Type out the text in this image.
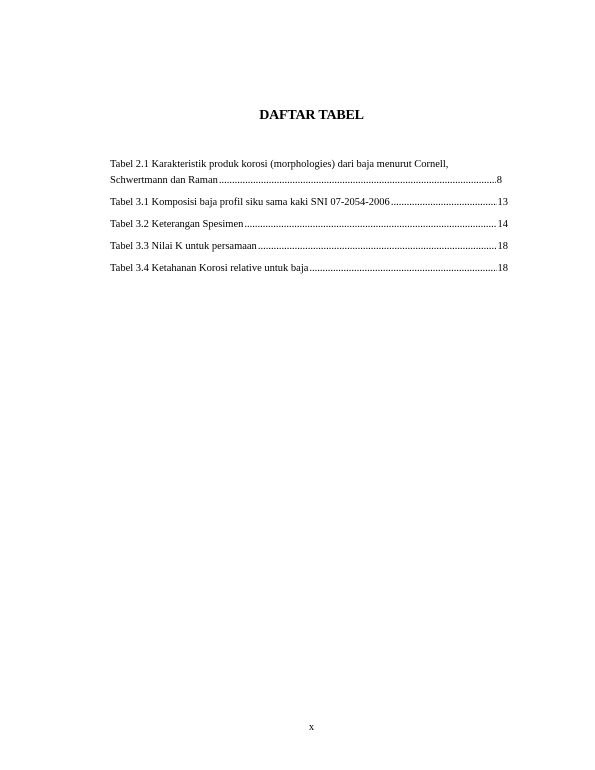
DAFTAR TABEL
Tabel 2.1 Karakteristik produk korosi (morphologies) dari baja menurut Cornell,
Schwertmann dan Raman .....	8
Tabel 3.1 Komposisi baja profil siku sama kaki SNI 07-2054-2006 .....	13
Tabel 3.2 Keterangan Spesimen .....	14
Tabel 3.3 Nilai K untuk persamaan .....	18
Tabel 3.4 Ketahanan Korosi relative untuk baja .....	18
x
